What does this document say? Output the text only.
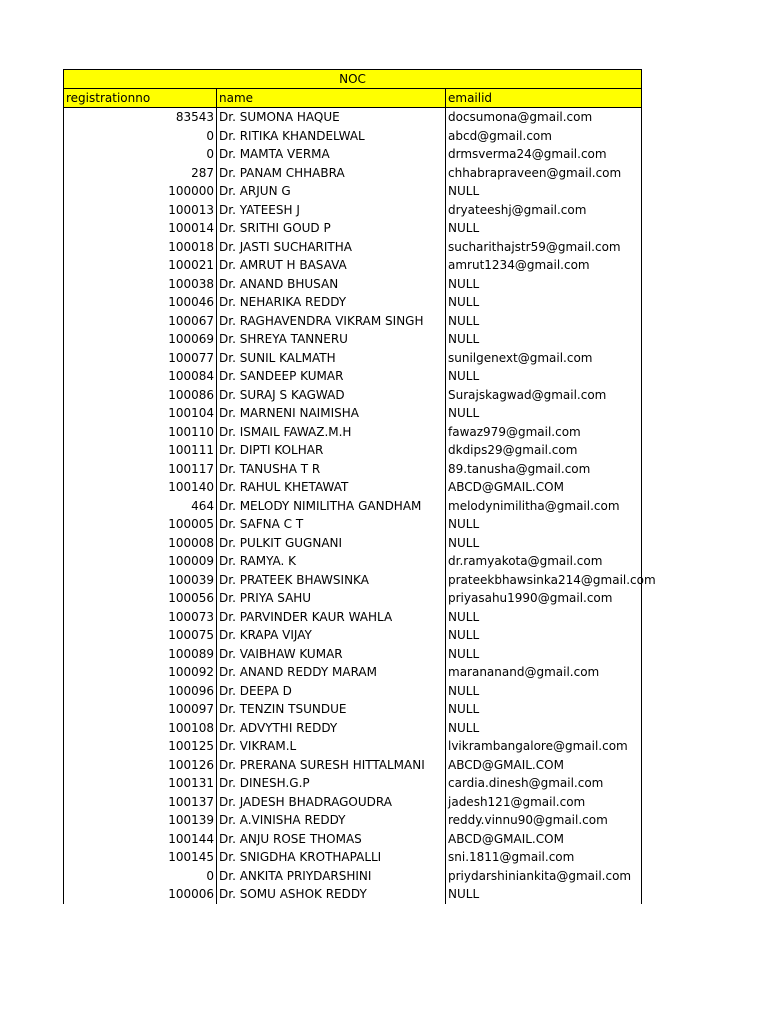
NOC		
registrationno	name	emailid
83543	Dr. SUMONA HAQUE	docsumona@gmail.com
0	Dr. RITIKA KHANDELWAL	abcd@gmail.com
0	Dr. MAMTA VERMA	drmsverma24@gmail.com
287	Dr. PANAM CHHABRA	chhabrapraveen@gmail.com
100000	Dr. ARJUN G	NULL
100013	Dr. YATEESH J	dryateeshj@gmail.com
100014	Dr. SRITHI GOUD P	NULL
100018	Dr. JASTI SUCHARITHA	sucharithajstr59@gmail.com
100021	Dr. AMRUT H BASAVA	amrut1234@gmail.com
100038	Dr. ANAND BHUSAN	NULL
100046	Dr. NEHARIKA REDDY	NULL
100067	Dr. RAGHAVENDRA VIKRAM SINGH	NULL
100069	Dr. SHREYA TANNERU	NULL
100077	Dr. SUNIL KALMATH	sunilgenext@gmail.com
100084	Dr. SANDEEP KUMAR	NULL
100086	Dr. SURAJ S KAGWAD	Surajskagwad@gmail.com
100104	Dr. MARNENI NAIMISHA	NULL
100110	Dr. ISMAIL FAWAZ.M.H	fawaz979@gmail.com
100111	Dr. DIPTI KOLHAR	dkdips29@gmail.com
100117	Dr. TANUSHA T R	89.tanusha@gmail.com
100140	Dr. RAHUL KHETAWAT	ABCD@GMAIL.COM
464	Dr. MELODY NIMILITHA GANDHAM	melodynimilitha@gmail.com
100005	Dr. SAFNA C T	NULL
100008	Dr. PULKIT GUGNANI	NULL
100009	Dr. RAMYA. K	dr.ramyakota@gmail.com
100039	Dr. PRATEEK BHAWSINKA	prateekbhawsinka214@gmail.com
100056	Dr. PRIYA SAHU	priyasahu1990@gmail.com
100073	Dr. PARVINDER KAUR WAHLA	NULL
100075	Dr. KRAPA VIJAY	NULL
100089	Dr. VAIBHAW KUMAR	NULL
100092	Dr. ANAND REDDY MARAM	marananand@gmail.com
100096	Dr. DEEPA D	NULL
100097	Dr. TENZIN TSUNDUE	NULL
100108	Dr. ADVYTHI REDDY	NULL
100125	Dr. VIKRAM.L	lvikrambangalore@gmail.com
100126	Dr. PRERANA SURESH HITTALMANI	ABCD@GMAIL.COM
100131	Dr. DINESH.G.P	cardia.dinesh@gmail.com
100137	Dr. JADESH BHADRAGOUDRA	jadesh121@gmail.com
100139	Dr. A.VINISHA REDDY	reddy.vinnu90@gmail.com
100144	Dr. ANJU ROSE THOMAS	ABCD@GMAIL.COM
100145	Dr. SNIGDHA KROTHAPALLI	sni.1811@gmail.com
0	Dr. ANKITA PRIYDARSHINI	priydarshiniankita@gmail.com
100006	Dr. SOMU ASHOK REDDY	NULL
